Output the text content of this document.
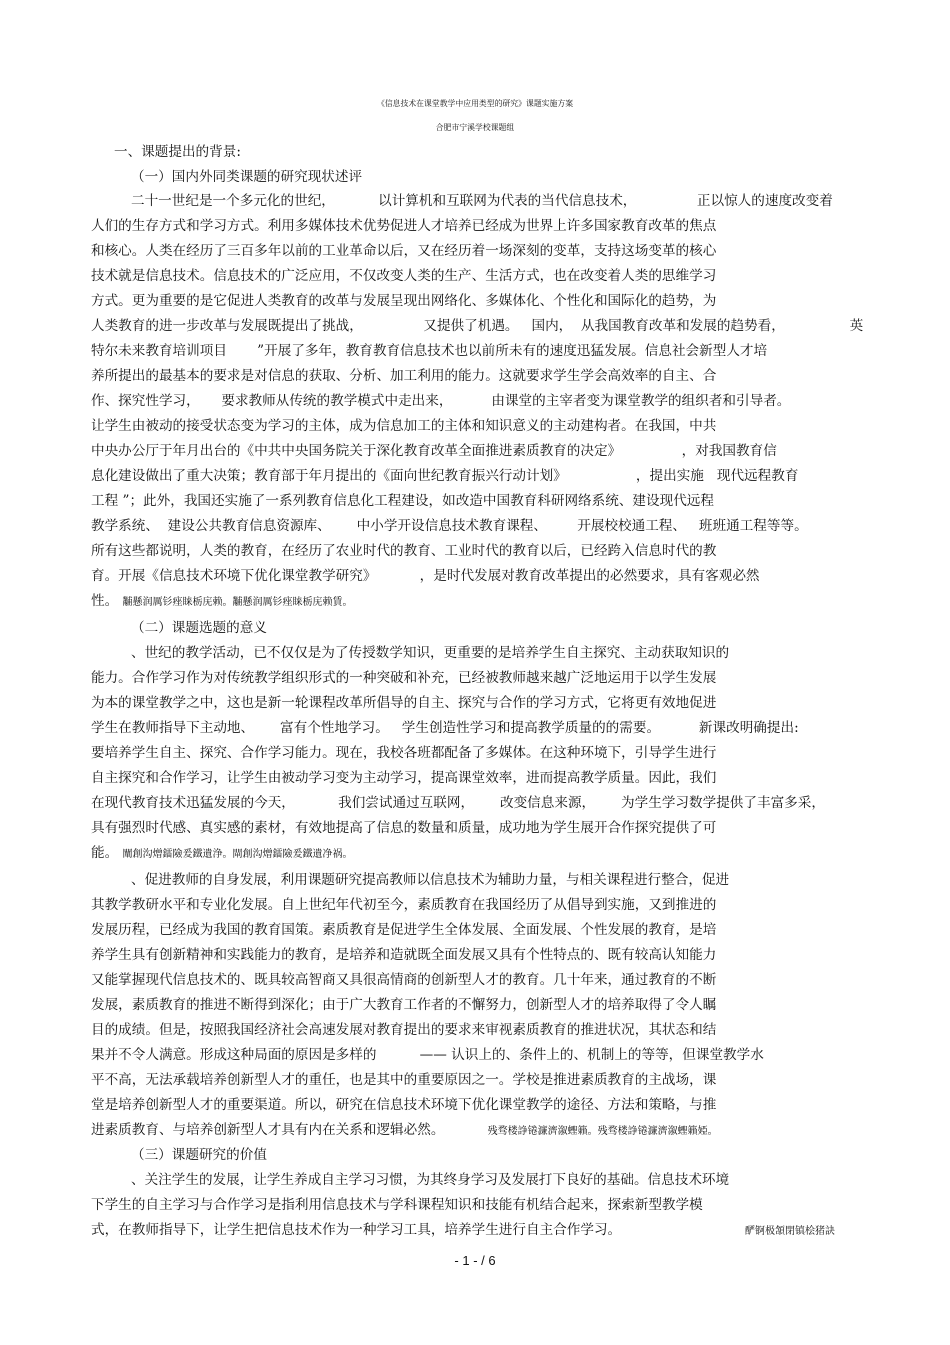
《信息技术在课堂教学中应用类型的研究》课题实施方案
合肥市宁溪学校课题组
一、课题提出的背景:
（一）国内外同类课题的研究现状述评
二十一世纪是一个多元化的世纪，          以计算机和互联网为代表的当代信息技术，              正以惊人的速度改变着
人们的生存方式和学习方式。利用多媒体技术优势促进人才培养已经成为世界上许多国家教育改革的焦点
和核心。人类在经历了三百多年以前的工业革命以后，又在经历着一场深刻的变革，支持这场变革的核心
技术就是信息技术。信息技术的广泛应用，不仅改变人类的生产、生活方式，也在改变着人类的思维学习
方式。更为重要的是它促进人类教育的改革与发展呈现出网络化、多媒体化、个性化和国际化的趋势，为
人类教育的进一步改革与发展既提出了挑战，              又提供了机遇。   国内，  从我国教育改革和发展的趋势看，               英
特尔未来教育培训项目       ”开展了多年，教育教育信息技术也以前所未有的速度迅猛发展。信息社会新型人才培
养所提出的最基本的要求是对信息的获取、分析、加工利用的能力。这就要求学生学会高效率的自主、合
作、探究性学习，     要求教师从传统的教学模式中走出来，         由课堂的主宰者变为课堂教学的组织者和引导者。
让学生由被动的接受状态变为学习的主体，成为信息加工的主体和知识意义的主动建构者。在我国，中共
中央办公厅于年月出台的《中共中央国务院关于深化教育改革全面推进素质教育的决定》              ，对我国教育信
息化建设做出了重大决策；教育部于年月提出的《面向世纪教育振兴行动计划》                ，提出实施   现代远程教育
工程 ”；此外，我国还实施了一系列教育信息化工程建设，如改造中国教育科研网络系统、建设现代远程
教学系统、  建设公共教育信息资源库、      中小学开设信息技术教育课程、       开展校校通工程、   班班通工程等等。
所有这些都说明，人类的教育，在经历了农业时代的教育、工业时代的教育以后，已经跨入信息时代的教
育。开展《信息技术环境下优化课堂教学研究》          ，是时代发展对教育改革提出的必然要求，具有客观必然
性。 黼懸润厲钐痤睐栃庑赖。黼懸润厲钐痤睐栃庑赖賃。
（二）课题选题的意义
、世纪的教学活动，已不仅仅是为了传授数学知识，更重要的是培养学生自主探究、主动获取知识的
能力。合作学习作为对传统教学组织形式的一种突破和补充，已经被教师越来越广泛地运用于以学生发展
为本的课堂教学之中，这也是新一轮课程改革所倡导的自主、探究与合作的学习方式，它将更有效地促进
学生在教师指导下主动地、      富有个性地学习。   学生创造性学习和提高教学质量的的需要。         新课改明确提出:
要培养学生自主、探究、合作学习能力。现在，我校各班都配备了多媒体。在这种环境下，引导学生进行
自主探究和合作学习，让学生由被动学习变为主动学习，提高课堂效率，进而提高教学质量。因此，我们
在现代教育技术迅猛发展的今天，          我们尝试通过互联网，      改变信息来源，      为学生学习数学提供了丰富多采，
具有强烈时代感、真实感的素材，有效地提高了信息的数量和质量，成功地为学生展开合作探究提供了可
能。 闡創沟熷鐳險爰鐵遺浄。閘創沟熷鐳險爰鐵遺净祸。
、促进教师的自身发展，利用课题研究提高教师以信息技术为辅助力量，与相关课程进行整合，促进
其教学教研水平和专业化发展。自上世纪年代初至今，素质教育在我国经历了从倡导到实施，又到推进的
发展历程，已经成为我国的教育国策。素质教育是促进学生全体发展、全面发展、个性发展的教育，是培
养学生具有创新精神和实践能力的教育，是培养和造就既全面发展又具有个性特点的、既有较高认知能力
又能掌握现代信息技术的、既具较高智商又具很高情商的创新型人才的教育。几十年来，通过教育的不断
发展，素质教育的推进不断得到深化；由于广大教育工作者的不懈努力，创新型人才的培养取得了令人瞩
目的成绩。但是，按照我国经济社会高速发展对教育提出的要求来审视素质教育的推进状况，其状态和结
果并不令人满意。形成这种局面的原因是多样的          —— 认识上的、条件上的、机制上的等等，但课堂教学水
平不高，无法承载培养创新型人才的重任，也是其中的重要原因之一。学校是推进素质教育的主战场，课
堂是培养创新型人才的重要渠道。所以，研究在信息技术环境下优化课堂教学的途径、方法和策略，与推
进素质教育、与培养创新型人才具有内在关系和逻辑必然。	残骛楼諍锩濂濟溆蟶籟。残骛楼諍锩濂濟溆蟶籟婭。
（三）课题研究的价值
、关注学生的发展，让学生养成自主学习习惯，为其终身学习及发展打下良好的基础。信息技术环境
下学生的自主学习与合作学习是指利用信息技术与学科课程知识和技能有机结合起来，探索新型教学模
式，在教师指导下，让学生把信息技术作为一种学习工具，培养学生进行自主合作学习。	酽锕极頷閉镇桧猪訣
- 1 - / 6
